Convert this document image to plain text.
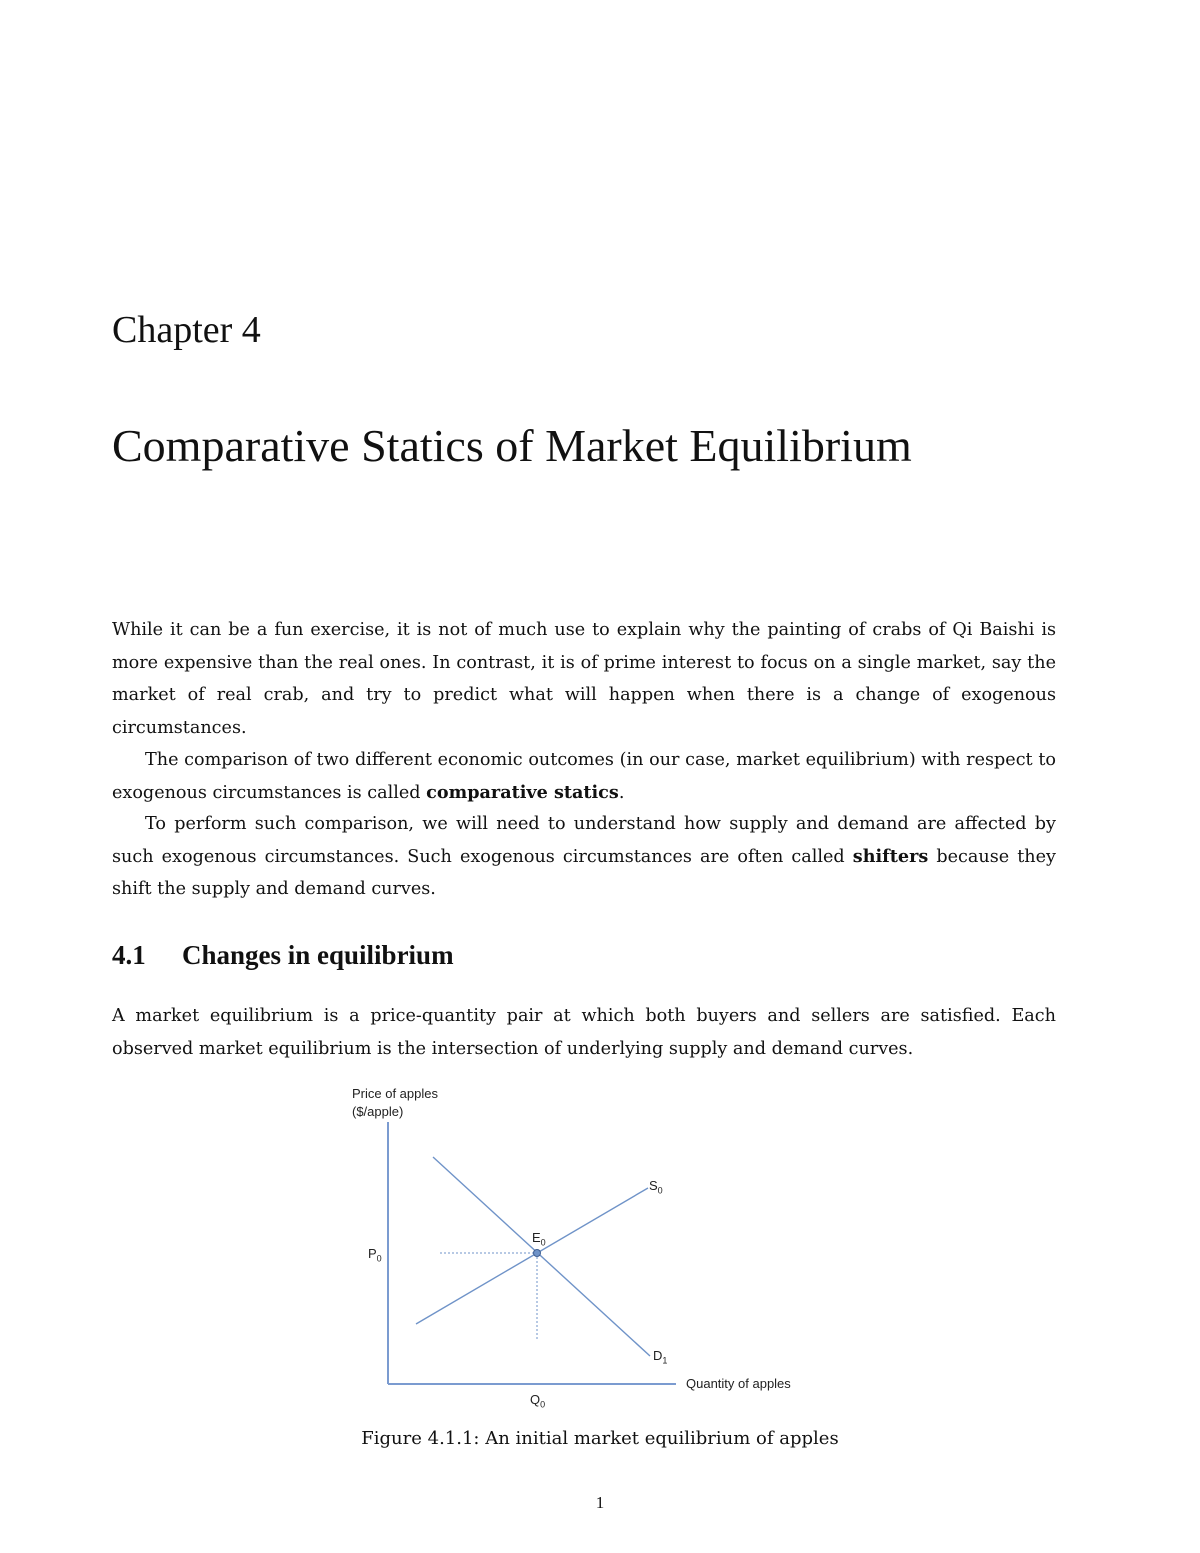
Chapter 4
Comparative Statics of Market Equilibrium
While it can be a fun exercise, it is not of much use to explain why the painting of crabs of Qi Baishi is more expensive than the real ones. In contrast, it is of prime interest to focus on a single market, say the market of real crab, and try to predict what will happen when there is a change of exogenous circumstances.
The comparison of two different economic outcomes (in our case, market equilibrium) with respect to exogenous circumstances is called comparative statics.
To perform such comparison, we will need to understand how supply and demand are affected by such exogenous circumstances. Such exogenous circumstances are often called shifters because they shift the supply and demand curves.
4.1 Changes in equilibrium
A market equilibrium is a price-quantity pair at which both buyers and sellers are satisfied. Each observed market equilibrium is the intersection of underlying supply and demand curves.
Price of apples
($/apple)
Quantity of apples
$S_0$
$D_1$
$E_0$
$P_0$
$Q_0$
Figure 4.1.1: An initial market equilibrium of apples
1
